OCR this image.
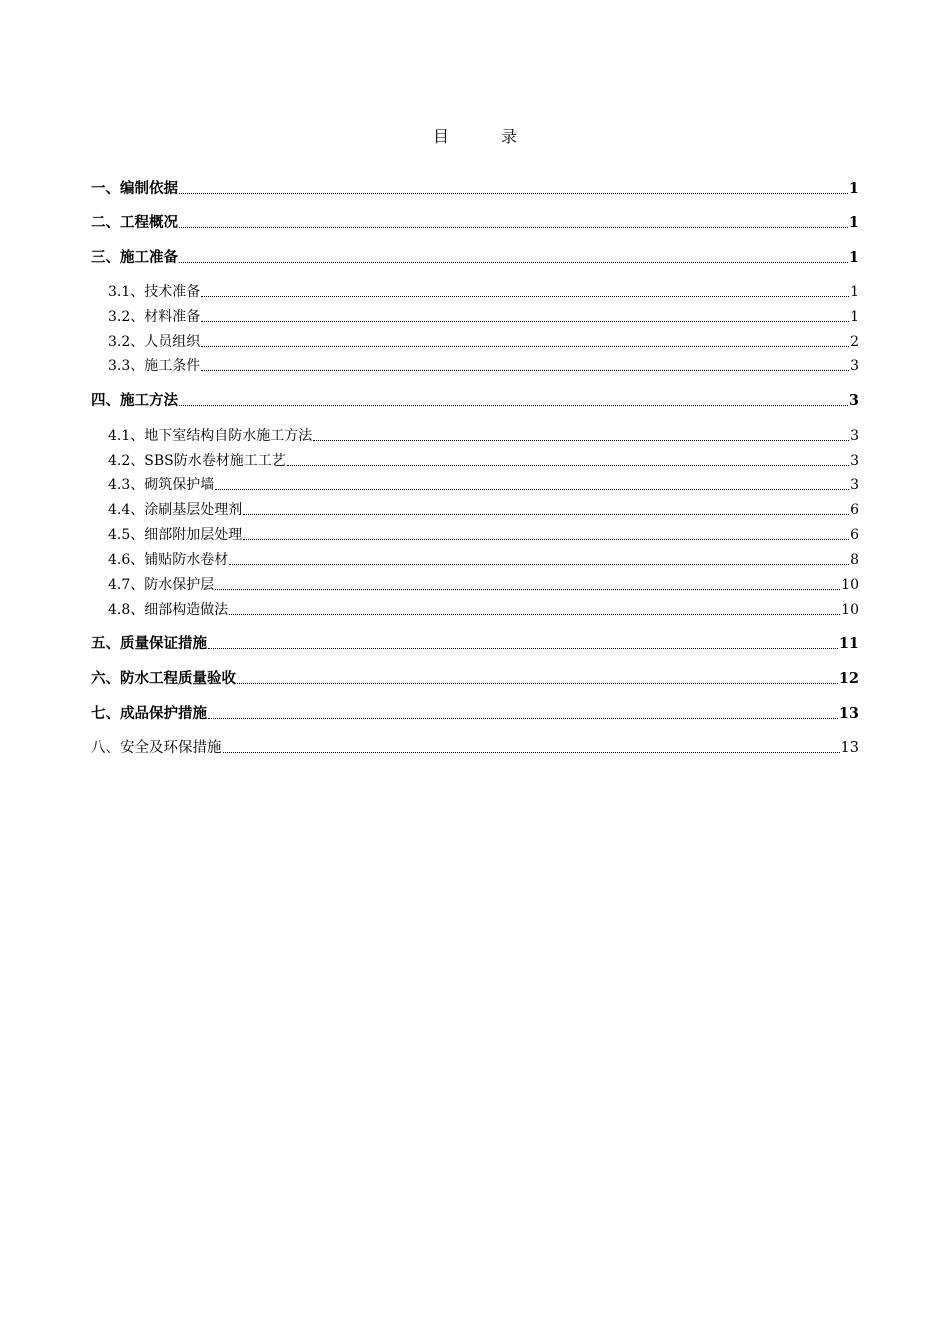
目	录
一、编制依据	1
二、工程概况	1
三、施工准备	1
3.1、技术准备	1
3.2、材料准备	1
3.2、人员组织	2
3.3、施工条件	3
四、施工方法	3
4.1、地下室结构自防水施工方法	3
4.2、SBS防水卷材施工工艺	3
4.3、砌筑保护墙	3
4.4、涂刷基层处理剂	6
4.5、细部附加层处理	6
4.6、铺贴防水卷材	8
4.7、防水保护层	10
4.8、细部构造做法	10
五、质量保证措施	11
六、防水工程质量验收	12
七、成品保护措施	13
八、安全及环保措施	13
